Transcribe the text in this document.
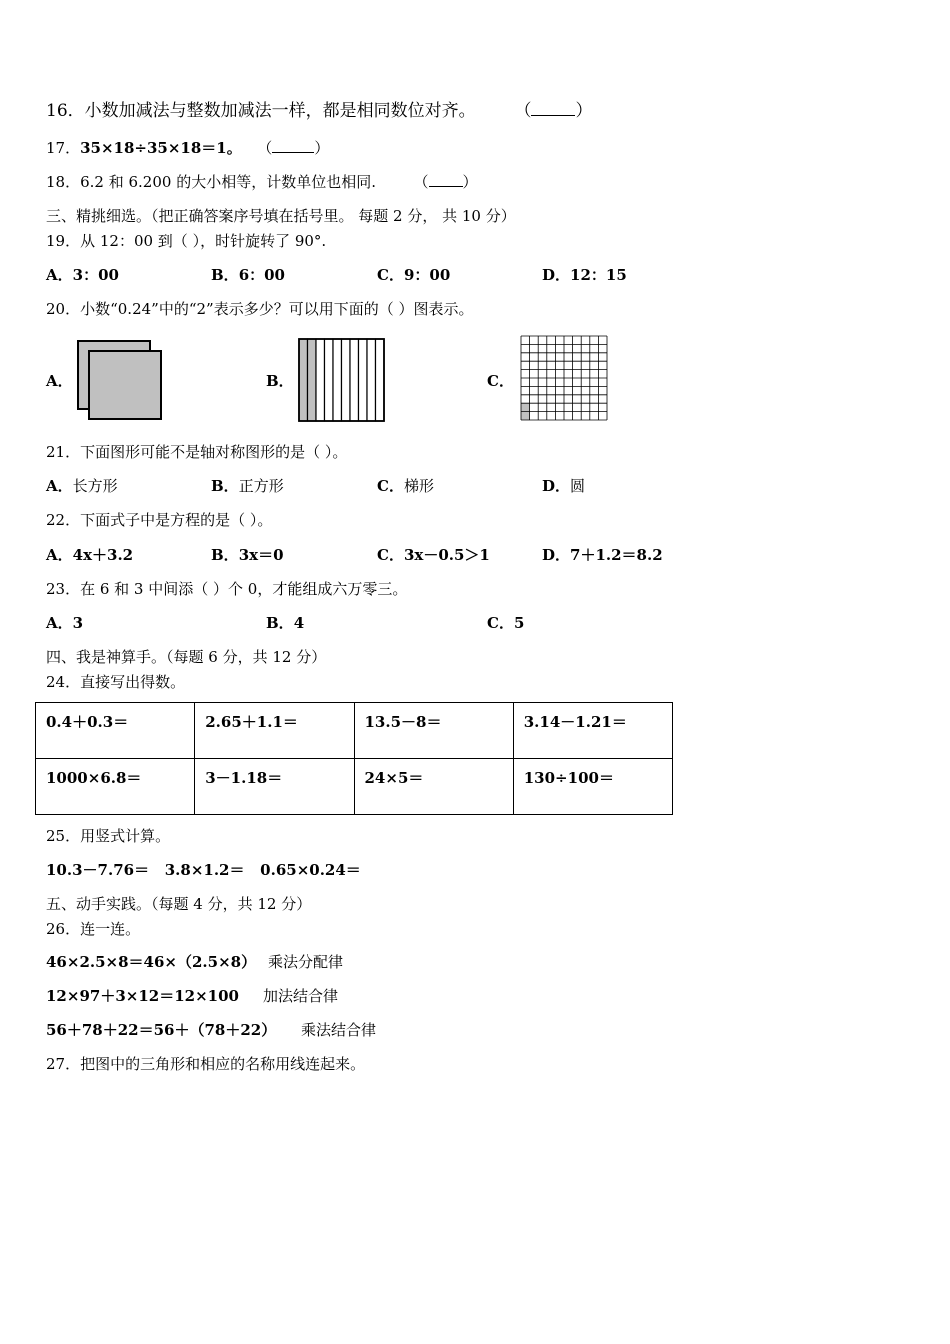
16．小数加减法与整数加减法一样，都是相同数位对齐。 （	）
17．35×18÷35×18＝1。 （	）
18．6.2 和 6.200 的大小相等，计数单位也相同.	（ ）
三、精挑细选。（把正确答案序号填在括号里。 每题 2 分， 共 10 分）
19．从 12：00 到（ ），时针旋转了 90°.
A．3：00	B．6：00	C．9：00	D．12：15
20．小数“0.24”中的“2”表示多少？可以用下面的（ ）图表示。
A．	B．	C．
21．下面图形可能不是轴对称图形的是（ ）。
A．长方形	B．正方形	C．梯形	D．圆
22．下面式子中是方程的是（ ）。
A．4x＋3.2	B．3x＝0	C．3x－0.5＞1	D．7＋1.2＝8.2
23．在 6 和 3 中间添（ ）个 0，才能组成六万零三。
A．3	B．4	C．5
四、我是神算手。（每题 6 分，共 12 分）
24．直接写出得数。
0.4＋0.3＝	2.65＋1.1＝	13.5－8＝	3.14－1.21＝
1000×6.8＝	3－1.18＝	24×5＝	130÷100＝
25．用竖式计算。
10.3－7.76＝   3.8×1.2＝   0.65×0.24＝
五、动手实践。（每题 4 分，共 12 分）
26．连一连。
46×2.5×8＝46×（2.5×8） 乘法分配律
12×97＋3×12＝12×100 加法结合律
56＋78＋22＝56＋（78＋22） 乘法结合律
27．把图中的三角形和相应的名称用线连起来。
